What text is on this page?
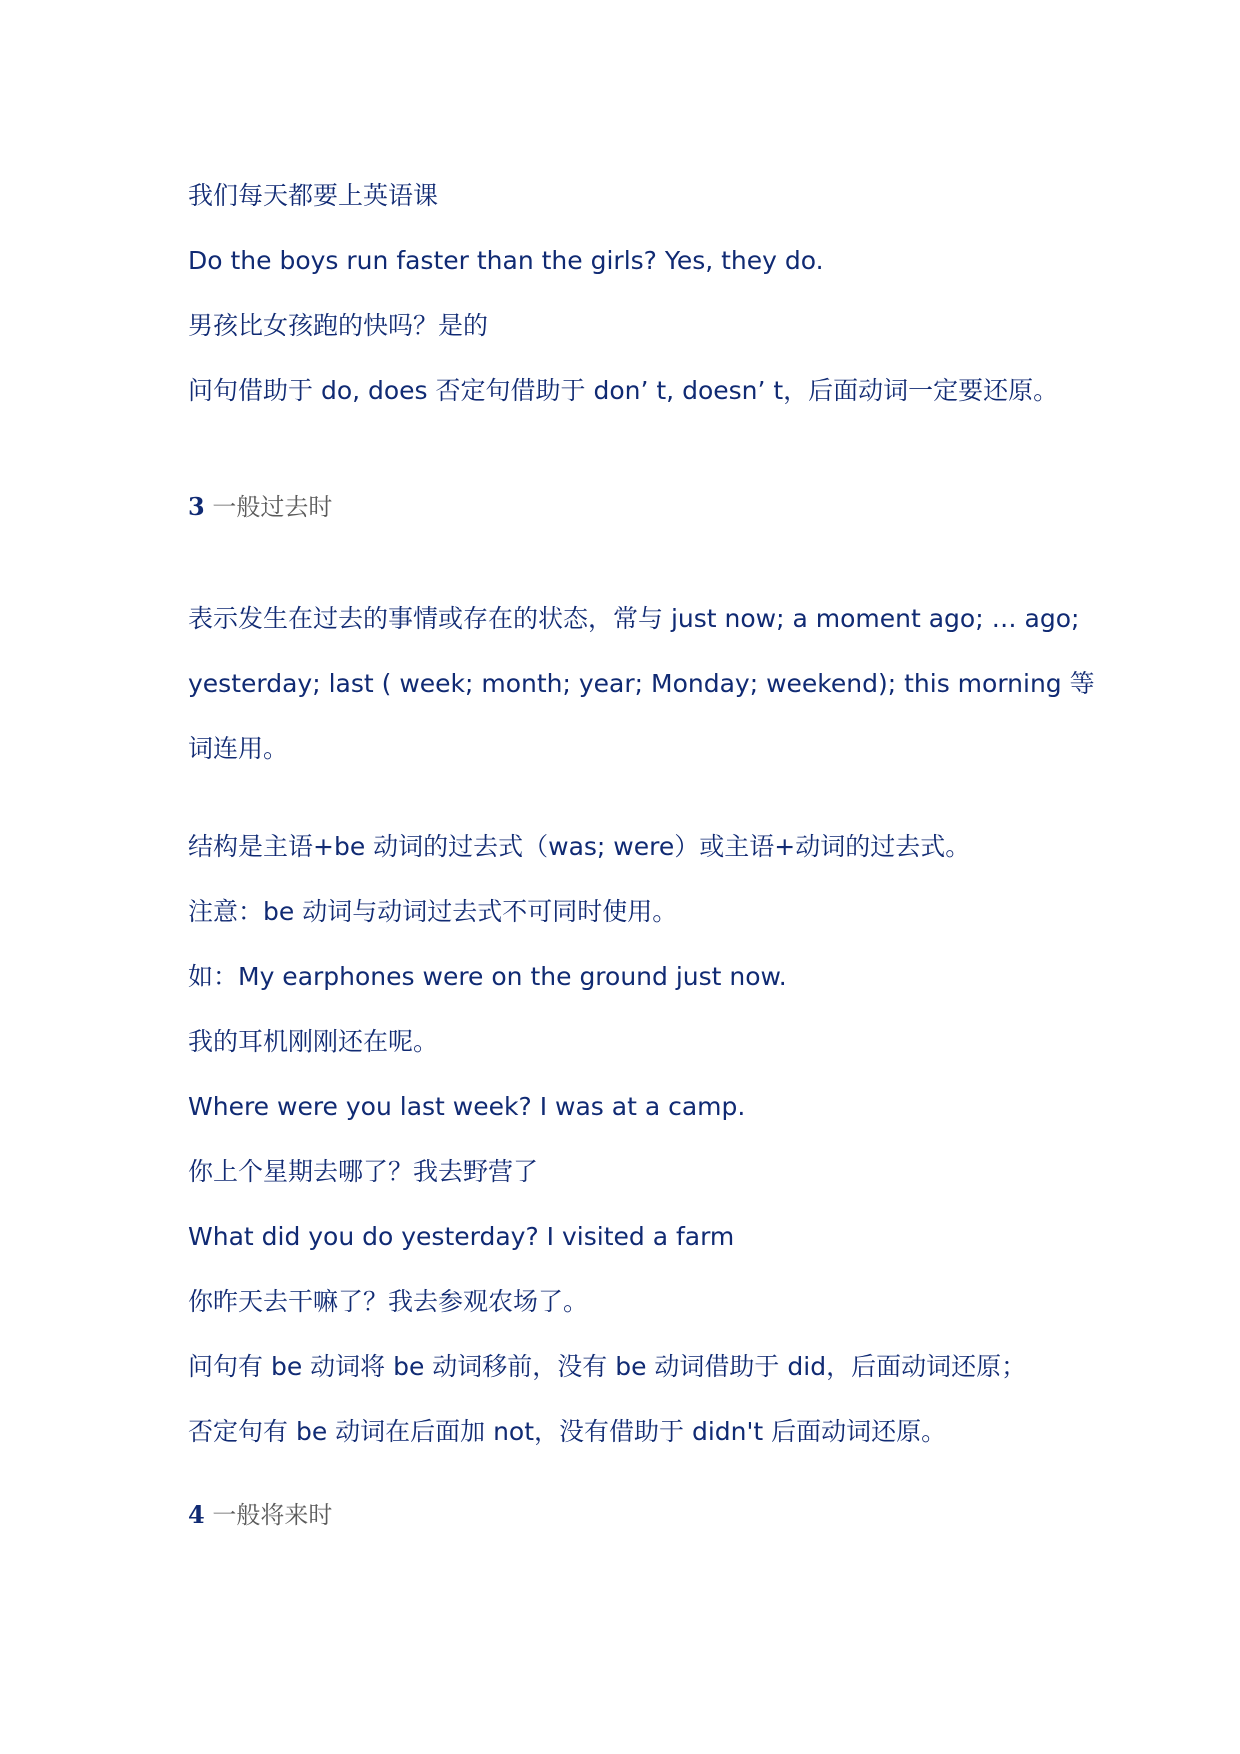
我们每天都要上英语课
Do the boys run faster than the girls? Yes, they do.
男孩比女孩跑的快吗？是的
问句借助于 do, does 否定句借助于 don’ t, doesn’ t，后面动词一定要还原。
3 一般过去时
表示发生在过去的事情或存在的状态，常与 just now; a moment ago; … ago;
yesterday; last ( week; month; year; Monday; weekend); this morning 等
词连用。
结构是主语+be 动词的过去式（was; were）或主语+动词的过去式。
注意：be 动词与动词过去式不可同时使用。
如：My earphones were on the ground just now.
我的耳机刚刚还在呢。
Where were you last week? I was at a camp.
你上个星期去哪了？我去野营了
What did you do yesterday? I visited a farm
你昨天去干嘛了？我去参观农场了。
问句有 be 动词将 be 动词移前，没有 be 动词借助于 did，后面动词还原；
否定句有 be 动词在后面加 not，没有借助于 didn't 后面动词还原。
4 一般将来时
